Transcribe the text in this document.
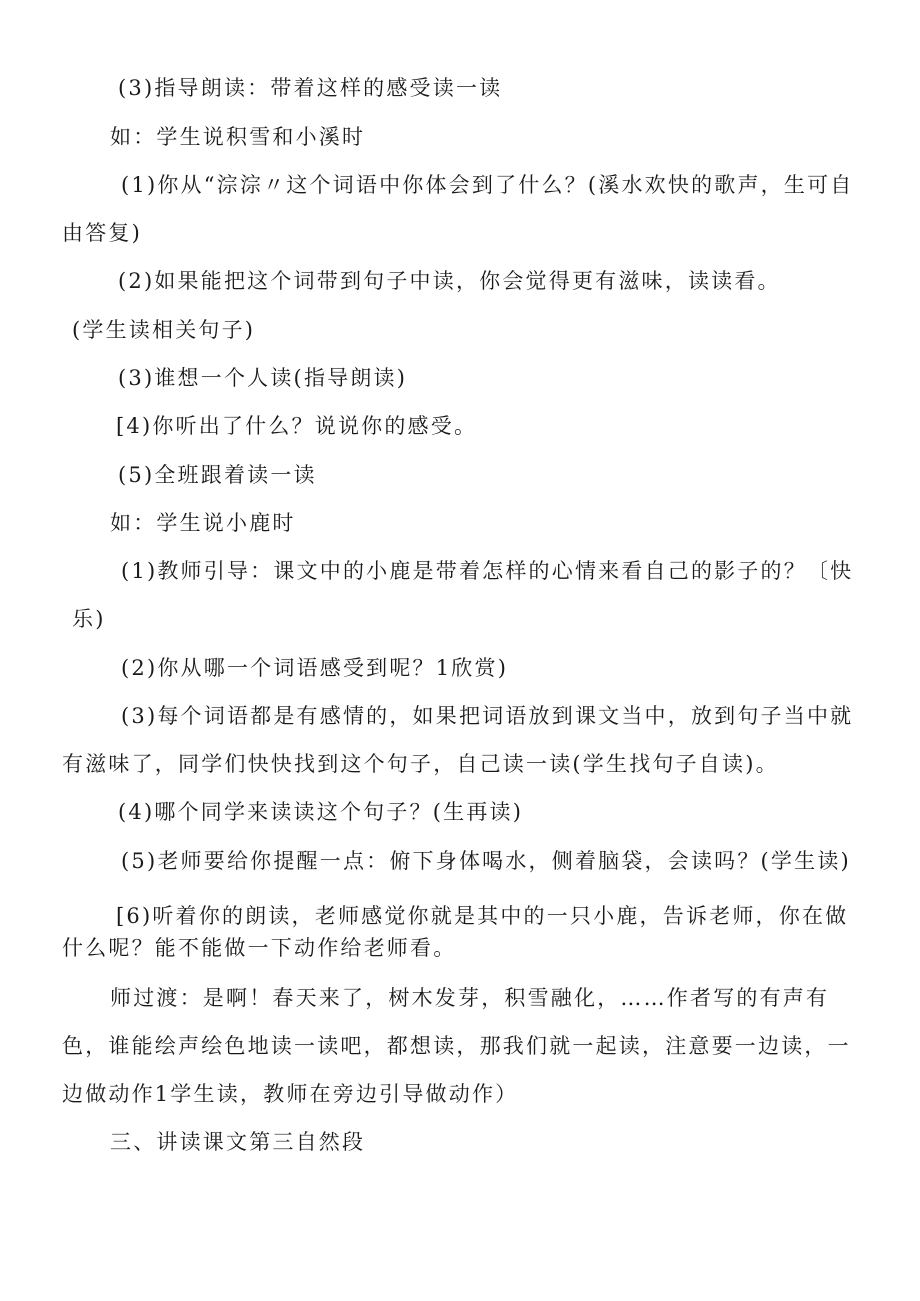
(3)指导朗读：带着这样的感受读一读
如：学生说积雪和小溪时
(1)你从“淙淙〃这个词语中你体会到了什么？(溪水欢快的歌声，生可自
由答复)
(2)如果能把这个词带到句子中读，你会觉得更有滋味，读读看。
(学生读相关句子)
(3)谁想一个人读(指导朗读)
[4)你听出了什么？说说你的感受。
(5)全班跟着读一读
如：学生说小鹿时
(1)教师引导：课文中的小鹿是带着怎样的心情来看自己的影子的？〔快
乐)
(2)你从哪一个词语感受到呢？1欣赏)
(3)每个词语都是有感情的，如果把词语放到课文当中，放到句子当中就
有滋味了，同学们快快找到这个句子，自己读一读(学生找句子自读)。
(4)哪个同学来读读这个句子？(生再读)
(5)老师要给你提醒一点：俯下身体喝水，侧着脑袋，会读吗？(学生读)
[6)听着你的朗读，老师感觉你就是其中的一只小鹿，告诉老师，你在做
什么呢？能不能做一下动作给老师看。
师过渡：是啊！春天来了，树木发芽，积雪融化，……作者写的有声有
色，谁能绘声绘色地读一读吧，都想读，那我们就一起读，注意要一边读，一
边做动作1学生读，教师在旁边引导做动作）
三、讲读课文第三自然段
